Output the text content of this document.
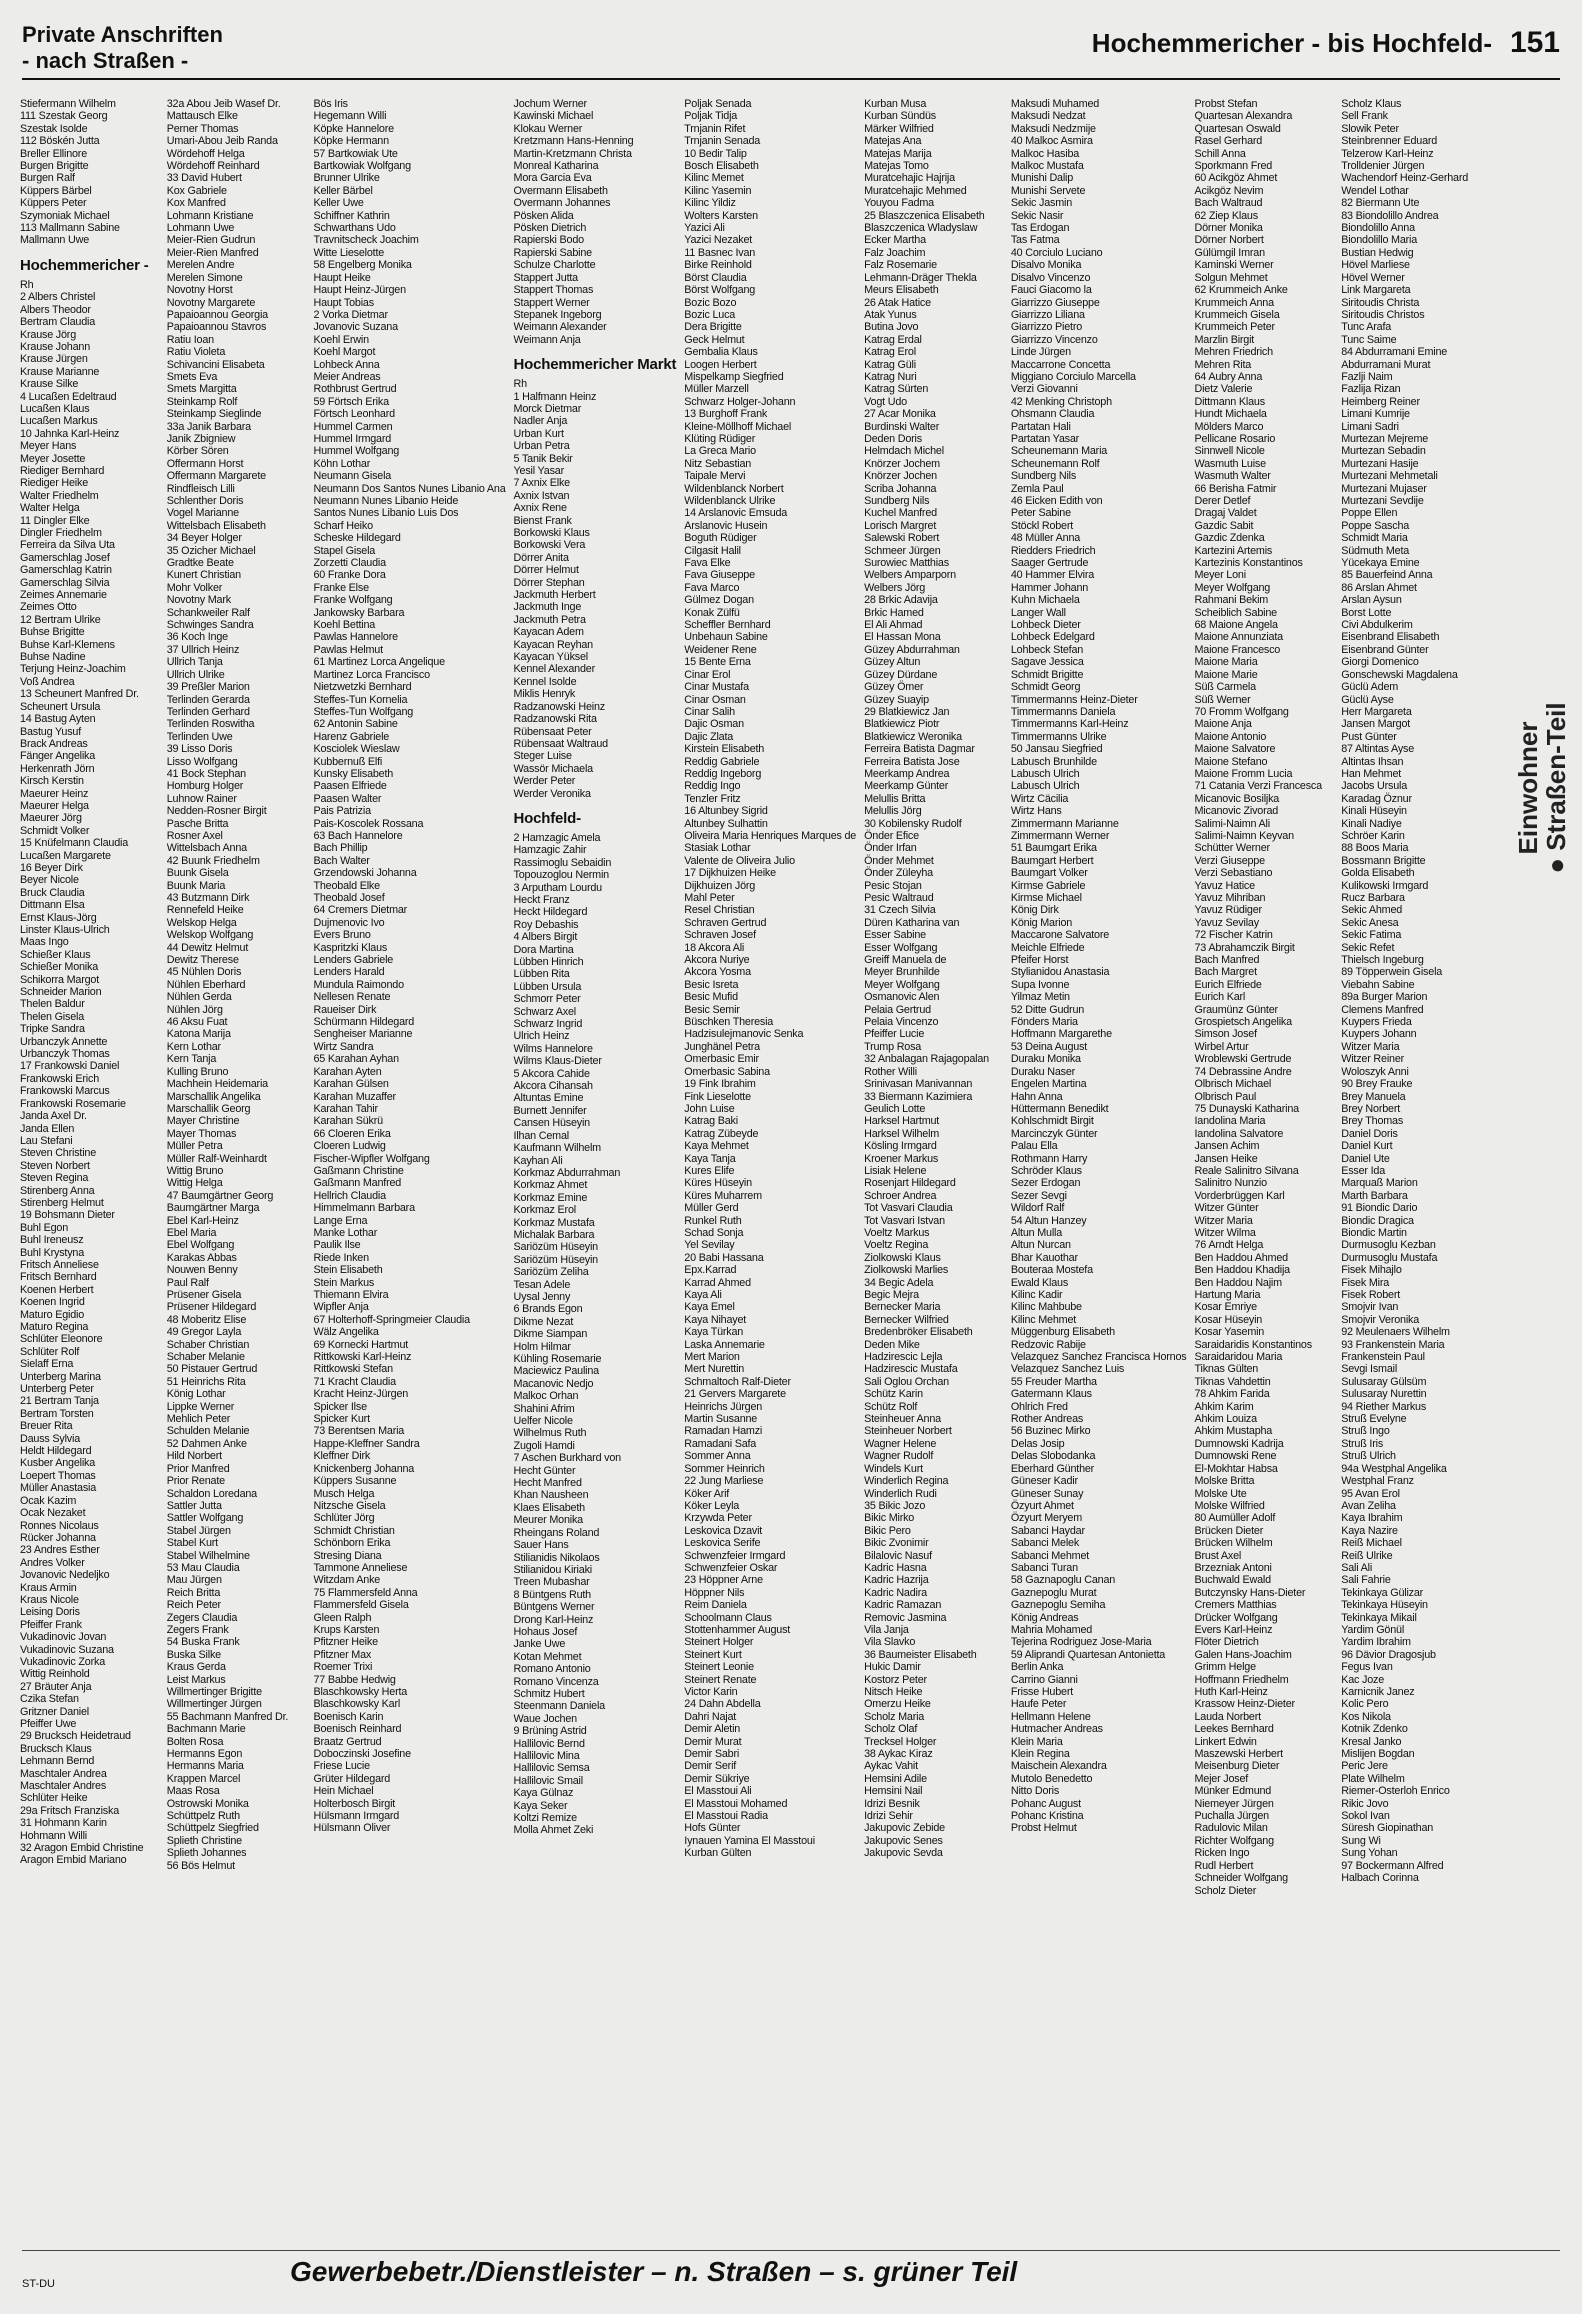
Private Anschriften
- nach Straßen -
Hochemmericher - bis Hochfeld- 151
Stiefermann Wilhelm
111 Szestak Georg
Szestak Isolde
112 Böskén Jutta
Breller Ellinore
Burgen Brigitte
Burgen Ralf
Küppers Bärbel
Küppers Peter
Szymoniak Michael
113 Mallmann Sabine
Mallmann Uwe
Hochemmericher -
Rh
2 Albers Christel
Albers Theodor
Bertram Claudia
Krause Jörg
Krause Johann
Krause Jürgen
Krause Marianne
Krause Silke
4 Lucaßen Edeltraud
Lucaßen Klaus
Lucaßen Markus
10 Jahnka Karl-Heinz
Meyer Hans
Meyer Josette
Riediger Bernhard
Riediger Heike
Walter Friedhelm
Walter Helga
11 Dingler Elke
Dingler Friedhelm
Ferreira da Silva Uta
Gamerschlag Josef
Gamerschlag Katrin
Gamerschlag Silvia
Zeimes Annemarie
Zeimes Otto
12 Bertram Ulrike
Buhse Brigitte
Buhse Karl-Klemens
Buhse Nadine
Terjung Heinz-Joachim
Voß Andrea
13 Scheunert Manfred Dr.
Scheunert Ursula
14 Bastug Ayten
Bastug Yusuf
Brack Andreas
Fänger Angelika
Herkenrath Jörn
Kirsch Kerstin
Maeurer Heinz
Maeurer Helga
Maeurer Jörg
Schmidt Volker
15 Knüfelmann Claudia
Lucaßen Margarete
16 Beyer Dirk
Beyer Nicole
Bruck Claudia
Dittmann Elsa
Ernst Klaus-Jörg
Linster Klaus-Ulrich
Maas Ingo
Schießer Klaus
Schießer Monika
Schikorra Margot
Schneider Marion
Thelen Baldur
Thelen Gisela
Tripke Sandra
Urbanczyk Annette
Urbanczyk Thomas
17 Frankowski Daniel
Frankowski Erich
Frankowski Marcus
Frankowski Rosemarie
Janda Axel Dr.
Janda Ellen
Lau Stefani
Steven Christine
Steven Norbert
Steven Regina
Stirenberg Anna
Stirenberg Helmut
19 Bohsmann Dieter
Buhl Egon
Buhl Ireneusz
Buhl Krystyna
Fritsch Anneliese
Fritsch Bernhard
Koenen Herbert
Koenen Ingrid
Maturo Egidio
Maturo Regina
Schlüter Eleonore
Schlüter Rolf
Sielaff Erna
Unterberg Marina
Unterberg Peter
21 Bertram Tanja
Bertram Torsten
Breuer Rita
Dauss Sylvia
Heldt Hildegard
Kusber Angelika
Loepert Thomas
Müller Anastasia
Ocak Kazim
Ocak Nezaket
Ronnes Nicolaus
Rücker Johanna
23 Andres Esther
Andres Volker
Jovanovic Nedeljko
Kraus Armin
Kraus Nicole
Leising Doris
Pfeiffer Frank
Vukadinovic Jovan
Vukadinovic Suzana
Vukadinovic Zorka
Wittig Reinhold
27 Bräuter Anja
Czika Stefan
Gritzner Daniel
Pfeiffer Uwe
29 Brucksch Heidetraud
Brucksch Klaus
Lehmann Bernd
Maschtaler Andrea
Maschtaler Andres
Schlüter Heike
29a Fritsch Franziska
31 Hohmann Karin
Hohmann Willi
32 Aragon Embid Christine
Aragon Embid Mariano
32a Abou Jeib Wasef Dr.
Mattausch Elke
Perner Thomas
Umari-Abou Jeib Randa
Wördehoff Helga
Wördehoff Reinhard
33 David Hubert
Kox Gabriele
Kox Manfred
Lohmann Kristiane
Lohmann Uwe
Meier-Rien Gudrun
Meier-Rien Manfred
Merelen Andre
Merelen Simone
Novotny Horst
Novotny Margarete
Papaioannou Georgia
Papaioannou Stavros
Ratiu Ioan
Ratiu Violeta
Schivancini Elisabeta
Smets Eva
Smets Margitta
Steinkamp Rolf
Steinkamp Sieglinde
33a Janik Barbara
Janik Zbigniew
Körber Sören
Offermann Horst
Offermann Margarete
Rindfleisch Lilli
Schlenther Doris
Vogel Marianne
Wittelsbach Elisabeth
34 Beyer Holger
35 Ozicher Michael
Gradtke Beate
Kunert Christian
Mohr Volker
Novotny Mark
Schankweiler Ralf
Schwinges Sandra
36 Koch Inge
37 Ullrich Heinz
Ullrich Tanja
Ullrich Ulrike
39 Preßler Marion
Terlinden Gerarda
Terlinden Gerhard
Terlinden Roswitha
Terlinden Uwe
39 Lisso Doris
Lisso Wolfgang
41 Bock Stephan
Homburg Holger
Luhnow Rainer
Nedden-Rosner Birgit
Pasche Britta
Rosner Axel
Wittelsbach Anna
42 Buunk Friedhelm
Buunk Gisela
Buunk Maria
43 Butzmann Dirk
Rennefeld Heike
Welskop Helga
Welskop Wolfgang
44 Dewitz Helmut
Dewitz Therese
45 Nühlen Doris
Nühlen Eberhard
Nühlen Gerda
Nühlen Jörg
46 Aksu Fuat
Katona Marija
Kern Lothar
Kern Tanja
Kulling Bruno
Machhein Heidemaria
Marschallik Angelika
Marschallik Georg
Mayer Christine
Mayer Thomas
Müller Petra
Müller Ralf-Weinhardt
Wittig Bruno
Wittig Helga
47 Baumgärtner Georg
Baumgärtner Marga
Ebel Karl-Heinz
Ebel Maria
Ebel Wolfgang
Karakas Abbas
Nouwen Benny
Paul Ralf
Prüsener Gisela
Prüsener Hildegard
48 Moberitz Elise
49 Gregor Layla
Schaber Christian
Schaber Melanie
50 Pistauer Gertrud
51 Heinrichs Rita
König Lothar
Lippke Werner
Mehlich Peter
Schulden Melanie
52 Dahmen Anke
Hild Norbert
Prior Manfred
Prior Renate
Schaldon Loredana
Sattler Jutta
Sattler Wolfgang
Stabel Jürgen
Stabel Kurt
Stabel Wilhelmine
53 Mau Claudia
Mau Jürgen
Reich Britta
Reich Peter
Zegers Claudia
Zegers Frank
54 Buska Frank
Buska Silke
Kraus Gerda
Leist Markus
Willmertinger Brigitte
Willmertinger Jürgen
55 Bachmann Manfred Dr.
Bachmann Marie
Bolten Rosa
Hermanns Egon
Hermanns Maria
Krappen Marcel
Maas Rosa
Ostrowski Monika
Schüttpelz Ruth
Schüttpelz Siegfried
Splieth Christine
Splieth Johannes
56 Bös Helmut
Bös Iris
Hegemann Willi
Köpke Hannelore
Köpke Hermann
57 Bartkowiak Ute
Bartkowiak Wolfgang
Brunner Ulrike
Keller Bärbel
Keller Uwe
Schiffner Kathrin
Schwarthans Udo
Travnitscheck Joachim
Witte Lieselotte
58 Engelberg Monika
Haupt Heike
Haupt Heinz-Jürgen
Haupt Tobias
2 Vorka Dietmar
Jovanovic Suzana
Koehl Erwin
Koehl Margot
Lohbeck Anna
Meier Andreas
Rothbrust Gertrud
59 Förtsch Erika
Förtsch Leonhard
Hummel Carmen
Hummel Irmgard
Hummel Wolfgang
Köhn Lothar
Neumann Gisela
Neumann Dos Santos Nunes Libanio Ana
Neumann Nunes Libanio Heide
Santos Nunes Libanio Luis Dos
Scharf Heiko
Scheske Hildegard
Stapel Gisela
Zorzetti Claudia
60 Franke Dora
Franke Else
Franke Wolfgang
Jankowsky Barbara
Koehl Bettina
Pawlas Hannelore
Pawlas Helmut
61 Martinez Lorca Angelique
Martinez Lorca Francisco
Nietzwetzki Bernhard
Steffes-Tun Kornelia
Steffes-Tun Wolfgang
62 Antonin Sabine
Harenz Gabriele
Kosciolek Wieslaw
Kubbernuß Elfi
Kunsky Elisabeth
Paasen Elfriede
Paasen Walter
Pais Patrizia
Pais-Koscolek Rossana
63 Bach Hannelore
Bach Phillip
Bach Walter
Grzendowski Johanna
Theobald Elke
Theobald Josef
64 Cremers Dietmar
Dujmenovic Ivo
Evers Bruno
Kaspritzki Klaus
Lenders Gabriele
Lenders Harald
Mundula Raimondo
Nellesen Renate
Raueiser Dirk
Schürmann Hildegard
Sengheiser Marianne
Wirtz Sandra
65 Karahan Ayhan
Karahan Ayten
Karahan Gülsen
Karahan Muzaffer
Karahan Tahir
Karahan Sükrü
66 Cloeren Erika
Cloeren Ludwig
Fischer-Wipfler Wolfgang
Gaßmann Christine
Gaßmann Manfred
Hellrich Claudia
Himmelmann Barbara
Lange Erna
Manke Lothar
Paulik Ilse
Riede Inken
Stein Elisabeth
Stein Markus
Thiemann Elvira
Wipfler Anja
67 Holterhoff-Springmeier Claudia
Wälz Angelika
69 Kornecki Hartmut
Rittkowski Karl-Heinz
Rittkowski Stefan
71 Kracht Claudia
Kracht Heinz-Jürgen
Spicker Ilse
Spicker Kurt
73 Berentsen Maria
Happe-Kleffner Sandra
Kleffner Dirk
Knickenberg Johanna
Küppers Susanne
Musch Helga
Nitzsche Gisela
Schlüter Jörg
Schmidt Christian
Schönborn Erika
Stresing Diana
Tammone Anneliese
Witzdam Anke
75 Flammersfeld Anna
Flammersfeld Gisela
Gleen Ralph
Krups Karsten
Pfitzner Heike
Pfitzner Max
Roemer Trixi
77 Babbe Hedwig
Blaschkowsky Herta
Blaschkowsky Karl
Boenisch Karin
Boenisch Reinhard
Braatz Gertrud
Doboczinski Josefine
Friese Lucie
Grüter Hildegard
Hein Michael
Holterbosch Birgit
Hülsmann Irmgard
Hülsmann Oliver
Jochum Werner
Kawinski Michael
Klokau Werner
Kretzmann Hans-Henning
Martin-Kretzmann Christa
Monreal Katharina
Mora Garcia Eva
Overmann Elisabeth
Overmann Johannes
Pösken Alida
Pösken Dietrich
Rapierski Bodo
Rapierski Sabine
Schulze Charlotte
Stappert Jutta
Stappert Thomas
Stappert Werner
Stepanek Ingeborg
Weimann Alexander
Weimann Anja
Hochemmericher Markt
Rh
1 Halfmann Heinz
Morck Dietmar
Nadler Anja
Urban Kurt
Urban Petra
5 Tanik Bekir
Yesil Yasar
7 Axnix Elke
Axnix Istvan
Axnix Rene
Bienst Frank
Borkowski Klaus
Borkowski Vera
Dörrer Anita
Dörrer Helmut
Dörrer Stephan
Jackmuth Herbert
Jackmuth Inge
Jackmuth Petra
Kayacan Adem
Kayacan Reyhan
Kayacan Yüksel
Kennel Alexander
Kennel Isolde
Miklis Henryk
Radzanowski Heinz
Radzanowski Rita
Rübensaat Peter
Rübensaat Waltraud
Steger Luise
Wassör Michaela
Werder Peter
Werder Veronika
Hochfeld-
2 Hamzagic Amela
Hamzagic Zahir
Rassimoglu Sebaidin
Topouzoglou Nermin
3 Arputham Lourdu
Heckt Franz
Heckt Hildegard
Roy Debashis
4 Albers Birgit
Dora Martina
Lübben Hinrich
Lübben Rita
Lübben Ursula
Schmorr Peter
Schwarz Axel
Schwarz Ingrid
Ulrich Heinz
Wilms Hannelore
Wilms Klaus-Dieter
5 Akcora Cahide
Akcora Cihansah
Altuntas Emine
Burnett Jennifer
Cansen Hüseyin
Ilhan Cemal
Kaufmann Wilhelm
Kayhan Ali
Korkmaz Abdurrahman
Korkmaz Ahmet
Korkmaz Emine
Korkmaz Erol
Korkmaz Mustafa
Michalak Barbara
Sariözüm Hüseyin
Sariözüm Hüseyin
Sariözüm Zeliha
Tesan Adele
Uysal Jenny
6 Brands Egon
Dikme Nezat
Dikme Siampan
Holm Hilmar
Kühling Rosemarie
Maciewicz Paulina
Macanovic Nedjo
Malkoc Orhan
Shahini Afrim
Uelfer Nicole
Wilhelmus Ruth
Zugoli Hamdi
7 Aschen Burkhard von
Hecht Günter
Hecht Manfred
Khan Nausheen
Klaes Elisabeth
Meurer Monika
Rheingans Roland
Sauer Hans
Stilianidis Nikolaos
Stilianidou Kiriaki
Treen Mubashar
8 Büntgens Ruth
Büntgens Werner
Drong Karl-Heinz
Hohaus Josef
Janke Uwe
Kotan Mehmet
Romano Antonio
Romano Vincenza
Schmitz Hubert
Steenmann Daniela
Waue Jochen
9 Brüning Astrid
Hallilovic Bernd
Hallilovic Mina
Hallilovic Semsa
Hallilovic Smail
Kaya Gülnaz
Kaya Seker
Koltzi Remize
Molla Ahmet Zeki
Poljak Senada
Poljak Tidja
Trnjanin Rifet
Trnjanin Senada
10 Bedir Talip
Bosch Elisabeth
Kilinc Memet
Kilinc Yasemin
Kilinc Yildiz
Wolters Karsten
Yazici Ali
Yazici Nezaket
11 Basnec Ivan
Birke Reinhold
Börst Claudia
Börst Wolfgang
Bozic Bozo
Bozic Luca
Dera Brigitte
Geck Helmut
Gembalia Klaus
Loogen Herbert
Mispelkamp Siegfried
Müller Marzell
Schwarz Holger-Johann
13 Burghoff Frank
Kleine-Möllhoff Michael
Klüting Rüdiger
La Greca Mario
Nitz Sebastian
Taipale Mervi
Wildenblanck Norbert
Wildenblanck Ulrike
14 Arslanovic Emsuda
Arslanovic Husein
Boguth Rüdiger
Cilgasit Halil
Fava Elke
Fava Giuseppe
Fava Marco
Gülmez Dogan
Konak Zülfü
Scheffler Bernhard
Unbehaun Sabine
Weidener Rene
15 Bente Erna
Cinar Erol
Cinar Mustafa
Cinar Osman
Cinar Salih
Dajic Osman
Dajic Zlata
Kirstein Elisabeth
Reddig Gabriele
Reddig Ingeborg
Reddig Ingo
Tenzler Fritz
16 Altunbey Sigrid
Altunbey Sulhattin
Oliveira Maria Henriques Marques de
Stasiak Lothar
Valente de Oliveira Julio
17 Dijkhuizen Heike
Dijkhuizen Jörg
Mahl Peter
Resel Christian
Schraven Gertrud
Schraven Josef
18 Akcora Ali
Akcora Nuriye
Akcora Yosma
Besic Isreta
Besic Mufid
Besic Semir
Büschken Theresia
Hadzisulejmanovic Senka
Junghänel Petra
Omerbasic Emir
Omerbasic Sabina
19 Fink Ibrahim
Fink Lieselotte
John Luise
Katrag Baki
Katrag Zübeyde
Kaya Mehmet
Kaya Tanja
Kures Elife
Küres Hüseyin
Küres Muharrem
Müller Gerd
Runkel Ruth
Schad Sonja
Yel Sevilay
20 Babi Hassana
Epx.Karrad
Karrad Ahmed
Kaya Ali
Kaya Emel
Kaya Nihayet
Kaya Türkan
Laska Annemarie
Mert Marion
Mert Nurettin
Schmaltoch Ralf-Dieter
21 Gervers Margarete
Heinrichs Jürgen
Martin Susanne
Ramadan Hamzi
Ramadani Safa
Sommer Anna
Sommer Heinrich
22 Jung Marliese
Köker Arif
Köker Leyla
Krzywda Peter
Leskovica Dzavit
Leskovica Serife
Schwenzfeier Irmgard
Schwenzfeier Oskar
23 Höppner Arne
Höppner Nils
Reim Daniela
Schoolmann Claus
Stottenhammer August
Steinert Holger
Steinert Kurt
Steinert Leonie
Steinert Renate
Victor Karin
24 Dahn Abdella
Dahri Najat
Demir Aletin
Demir Murat
Demir Sabri
Demir Serif
Demir Sükriye
El Masstoui Ali
El Masstoui Mohamed
El Masstoui Radia
Hofs Günter
Iynauen Yamina El Masstoui
Kurban Gülten
Kurban Musa
Kurban Sündüs
Märker Wilfried
Matejas Ana
Matejas Marija
Matejas Tomo
Muratcehajic Hajrija
Muratcehajic Mehmed
Youyou Fadma
25 Blaszczenica Elisabeth
Blaszczenica Wladyslaw
Ecker Martha
Falz Joachim
Falz Rosemarie
Lehmann-Dräger Thekla
Meurs Elisabeth
26 Atak Hatice
Atak Yunus
Butina Jovo
Katrag Erdal
Katrag Erol
Katrag Güli
Katrag Nuri
Katrag Sürten
Vogt Udo
27 Acar Monika
Burdinski Walter
Deden Doris
Helmdach Michel
Knörzer Jochem
Knörzer Jochen
Scriba Johanna
Sundberg Nils
Kuchel Manfred
Lorisch Margret
Salewski Robert
Schmeer Jürgen
Surowiec Matthias
Welbers Amparporn
Welbers Jörg
28 Brkic Adavija
Brkic Hamed
El Ali Ahmad
El Hassan Mona
Güzey Abdurrahman
Güzey Altun
Güzey Dürdane
Güzey Ömer
Güzey Suayip
29 Blatkiewicz Jan
Blatkiewicz Piotr
Blatkiewicz Weronika
Ferreira Batista Dagmar
Ferreira Batista Jose
Meerkamp Andrea
Meerkamp Günter
Melullis Britta
Melullis Jörg
30 Kobilensky Rudolf
Önder Efice
Önder Irfan
Önder Mehmet
Önder Züleyha
Pesic Stojan
Pesic Waltraud
31 Czech Silvia
Düren Katharina van
Esser Sabine
Esser Wolfgang
Greiff Manuela de
Meyer Brunhilde
Meyer Wolfgang
Osmanovic Alen
Pelaia Gertrud
Pelaia Vincenzo
Pfeiffer Lucie
Trump Rosa
32 Anbalagan Rajagopalan
Rother Willi
Srinivasan Manivannan
33 Biermann Kazimiera
Geulich Lotte
Harksel Hartmut
Harksel Wilhelm
Kösling Irmgard
Kroener Markus
Lisiak Helene
Rosenjart Hildegard
Schroer Andrea
Tot Vasvari Claudia
Tot Vasvari Istvan
Voeltz Markus
Voeltz Regina
Ziolkowski Klaus
Ziolkowski Marlies
34 Begic Adela
Begic Mejra
Bernecker Maria
Bernecker Wilfried
Bredenbröker Elisabeth
Deden Mike
Hadzirescic Lejla
Hadzirescic Mustafa
Sali Oglou Orchan
Schütz Karin
Schütz Rolf
Steinheuer Anna
Steinheuer Norbert
Wagner Helene
Wagner Rudolf
Windels Kurt
Winderlich Regina
Winderlich Rudi
35 Bikic Jozo
Bikic Mirko
Bikic Pero
Bikic Zvonimir
Bilalovic Nasuf
Kadric Hasna
Kadric Hazrija
Kadric Nadira
Kadric Ramazan
Removic Jasmina
Vila Janja
Vila Slavko
36 Baumeister Elisabeth
Hukic Damir
Kostorz Peter
Nitsch Heike
Omerzu Heike
Scholz Maria
Scholz Olaf
Trecksel Holger
38 Aykac Kiraz
Aykac Vahit
Hemsini Adile
Hemsini Nail
Idrizi Besnik
Idrizi Sehir
Jakupovic Zebide
Jakupovic Senes
Jakupovic Sevda
Maksudi Muhamed
Maksudi Nedzat
Maksudi Nedzmije
40 Malkoc Asmira
Malkoc Hasiba
Malkoc Mustafa
Munishi Dalip
Munishi Servete
Sekic Jasmin
Sekic Nasir
Tas Erdogan
Tas Fatma
40 Corciulo Luciano
Disalvo Monika
Disalvo Vincenzo
Fauci Giacomo la
Giarrizzo Giuseppe
Giarrizzo Liliana
Giarrizzo Pietro
Giarrizzo Vincenzo
Linde Jürgen
Maccarrone Concetta
Miggiano Corciulo Marcella
Verzi Giovanni
42 Menking Christoph
Ohsmann Claudia
Partatan Hali
Partatan Yasar
Scheunemann Maria
Scheunemann Rolf
Sundberg Nils
Zemla Paul
46 Eicken Edith von
Peter Sabine
Stöckl Robert
48 Müller Anna
Riedders Friedrich
Saager Gertrude
40 Hammer Elvira
Hammer Johann
Kuhn Michaela
Langer Wall
Lohbeck Dieter
Lohbeck Edelgard
Lohbeck Stefan
Sagave Jessica
Schmidt Brigitte
Schmidt Georg
Timmermanns Heinz-Dieter
Timmermanns Daniela
Timmermanns Karl-Heinz
Timmermanns Ulrike
50 Jansau Siegfried
Labusch Brunhilde
Labusch Ulrich
Labusch Ulrich
Wirtz Cäcilia
Wirtz Hans
Zimmermann Marianne
Zimmermann Werner
51 Baumgart Erika
Baumgart Herbert
Baumgart Volker
Kirmse Gabriele
Kirmse Michael
König Dirk
König Marion
Maccarone Salvatore
Meichle Elfriede
Pfeifer Horst
Stylianidou Anastasia
Supa Ivonne
Yilmaz Metin
52 Ditte Gudrun
Fönders Maria
Hoffmann Margarethe
53 Deina August
Duraku Monika
Duraku Naser
Engelen Martina
Hahn Anna
Hüttermann Benedikt
Kohlschmidt Birgit
Marcinczyk Günter
Palau Ella
Rothmann Harry
Schröder Klaus
Sezer Erdogan
Sezer Sevgi
Wildorf Ralf
54 Altun Hanzey
Altun Mulla
Altun Nurcan
Bhar Kauothar
Bouteraa Mostefa
Ewald Klaus
Kilinc Kadir
Kilinc Mahbube
Kilinc Mehmet
Müggenburg Elisabeth
Redzovic Rabije
Velazquez Sanchez Francisca Hornos
Velazquez Sanchez Luis
55 Freuder Martha
Gatermann Klaus
Ohlrich Fred
Rother Andreas
56 Buzinec Mirko
Delas Josip
Delas Slobodanka
Eberhard Günther
Güneser Kadir
Güneser Sunay
Özyurt Ahmet
Özyurt Meryem
Sabanci Haydar
Sabanci Melek
Sabanci Mehmet
Sabanci Turan
58 Gaznapoglu Canan
Gaznepoglu Murat
Gaznepoglu Semiha
König Andreas
Mahria Mohamed
Tejerina Rodriguez Jose-Maria
59 Aliprandi Quartesan Antonietta
Berlin Anka
Carrino Gianni
Frisse Hubert
Haufe Peter
Hellmann Helene
Hutmacher Andreas
Klein Maria
Klein Regina
Maischein Alexandra
Mutolo Benedetto
Nitto Doris
Pohanc August
Pohanc Kristina
Probst Helmut
Probst Stefan
Quartesan Alexandra
Quartesan Oswald
Rasel Gerhard
Schill Anna
Sporkmann Fred
60 Acikgöz Ahmet
Acikgöz Nevim
Bach Waltraud
62 Ziep Klaus
Dörner Monika
Dörner Norbert
Gülümgil Imran
Kaminski Werner
Solgun Mehmet
62 Krummeich Anke
Krummeich Anna
Krummeich Gisela
Krummeich Peter
Marzlin Birgit
Mehren Friedrich
Mehren Rita
64 Aubry Anna
Dietz Valerie
Dittmann Klaus
Hundt Michaela
Mölders Marco
Pellicane Rosario
Sinnwell Nicole
Wasmuth Luise
Wasmuth Walter
66 Berisha Fatmir
Derer Detlef
Dragaj Valdet
Gazdic Sabit
Gazdic Zdenka
Kartezini Artemis
Kartezinis Konstantinos
Meyer Loni
Meyer Wolfgang
Rahmani Bekim
Scheiblich Sabine
68 Maione Angela
Maione Annunziata
Maione Francesco
Maione Maria
Maione Marie
Süß Carmela
Süß Werner
70 Fromm Wolfgang
Maione Anja
Maione Antonio
Maione Salvatore
Maione Stefano
Maione Fromm Lucia
71 Catania Verzi Francesca
Micanovic Bosiljka
Micanovic Zivorad
Salimi-Naimn Ali
Salimi-Naimn Keyvan
Schütter Werner
Verzi Giuseppe
Verzi Sebastiano
Yavuz Hatice
Yavuz Mihriban
Yavuz Rüdiger
Yavuz Sevilay
72 Fischer Katrin
73 Abrahamczik Birgit
Bach Manfred
Bach Margret
Eurich Elfriede
Eurich Karl
Graumünz Günter
Grospietsch Angelika
Simson Josef
Wirbel Artur
Wroblewski Gertrude
74 Debrassine Andre
Olbrisch Michael
Olbrisch Paul
75 Dunayski Katharina
Iandolina Maria
Iandolina Salvatore
Jansen Achim
Jansen Heike
Reale Salinitro Silvana
Salinitro Nunzio
Vorderbrüggen Karl
Witzer Günter
Witzer Maria
Witzer Wilma
76 Arndt Helga
Ben Haddou Ahmed
Ben Haddou Khadija
Ben Haddou Najim
Hartung Maria
Kosar Emriye
Kosar Hüseyin
Kosar Yasemin
Saraidaridis Konstantinos
Saraidaridou Maria
Tiknas Gülten
Tiknas Vahdettin
78 Ahkim Farida
Ahkim Karim
Ahkim Louiza
Ahkim Mustapha
Dumnowski Kadrija
Dumnowski Rene
El-Mokhtar Habsa
Molske Britta
Molske Ute
Molske Wilfried
80 Aumüller Adolf
Brücken Dieter
Brücken Wilhelm
Brust Axel
Brzezniak Antoni
Buchwald Ewald
Butczynsky Hans-Dieter
Cremers Matthias
Drücker Wolfgang
Evers Karl-Heinz
Flöter Dietrich
Galen Hans-Joachim
Grimm Helge
Hoffmann Friedhelm
Huth Karl-Heinz
Krassow Heinz-Dieter
Lauda Norbert
Leekes Bernhard
Linkert Edwin
Maszewski Herbert
Meisenburg Dieter
Mejer Josef
Münker Edmund
Niemeyer Jürgen
Puchalla Jürgen
Radulovic Milan
Richter Wolfgang
Ricken Ingo
Rudl Herbert
Schneider Wolfgang
Scholz Dieter
Scholz Klaus
Sell Frank
Slowik Peter
Steinbrenner Eduard
Telzerow Karl-Heinz
Trolldenier Jürgen
Wachendorf Heinz-Gerhard
Wendel Lothar
82 Biermann Ute
83 Biondolillo Andrea
Biondolillo Anna
Biondolillo Maria
Bustian Hedwig
Hövel Marliese
Hövel Werner
Link Margareta
Siritoudis Christa
Siritoudis Christos
Tunc Arafa
Tunc Saime
84 Abdurramani Emine
Abdurramani Murat
Fazlji Naim
Fazlija Rizan
Heimberg Reiner
Limani Kumrije
Limani Sadri
Murtezan Mejreme
Murtezan Sebadin
Murtezani Hasije
Murtezani Mehmetali
Murtezani Mujaser
Murtezani Sevdije
Poppe Ellen
Poppe Sascha
Schmidt Maria
Südmuth Meta
Yücekaya Emine
85 Bauerfeind Anna
86 Arslan Ahmet
Arslan Aysun
Borst Lotte
Civi Abdulkerim
Eisenbrand Elisabeth
Eisenbrand Günter
Giorgi Domenico
Gonschewski Magdalena
Güclü Adem
Güclü Ayse
Herr Margareta
Jansen Margot
Pust Günter
87 Altintas Ayse
Altintas Ihsan
Han Mehmet
Jacobs Ursula
Karadag Öznur
Kinali Hüseyin
Kinali Nadiye
Schröer Karin
88 Boos Maria
Bossmann Brigitte
Golda Elisabeth
Kulikowski Irmgard
Rucz Barbara
Sekic Ahmed
Sekic Anesa
Sekic Fatima
Sekic Refet
Thielsch Ingeburg
89 Töpperwein Gisela
Viebahn Sabine
89a Burger Marion
Clemens Manfred
Kuypers Frieda
Kuypers Johann
Witzer Maria
Witzer Reiner
Woloszyk Anni
90 Brey Frauke
Brey Manuela
Brey Norbert
Brey Thomas
Daniel Doris
Daniel Kurt
Daniel Ute
Esser Ida
Marquaß Marion
Marth Barbara
91 Biondic Dario
Biondic Dragica
Biondic Martin
Durmusoglu Kezban
Durmusoglu Mustafa
Fisek Mihajlo
Fisek Mira
Fisek Robert
Smojvir Ivan
Smojvir Veronika
92 Meulenaers Wilhelm
93 Frankenstein Maria
Frankenstein Paul
Sevgi Ismail
Sulusaray Gülsüm
Sulusaray Nurettin
94 Riether Markus
Struß Evelyne
Struß Ingo
Struß Iris
Struß Ulrich
94a Westphal Angelika
Westphal Franz
95 Avan Erol
Avan Zeliha
Kaya Ibrahim
Kaya Nazire
Reiß Michael
Reiß Ulrike
Sali Ali
Sali Fahrie
Tekinkaya Gülizar
Tekinkaya Hüseyin
Tekinkaya Mikail
Yardim Gönül
Yardim Ibrahim
96 Dävior Dragosjub
Fegus Ivan
Kac Joze
Karnicnik Janez
Kolic Pero
Kos Nikola
Kotnik Zdenko
Kresal Janko
Mislijen Bogdan
Peric Jere
Plate Wilhelm
Riemer-Osterloh Enrico
Rikic Jovo
Sokol Ivan
Süresh Giopinathan
Sung Wi
Sung Yohan
97 Bockermann Alfred
Halbach Corinna
Einwohner
● Straßen-Teil
ST-DU	Gewerbebetr./Dienstleister – n. Straßen – s. grüner Teil
